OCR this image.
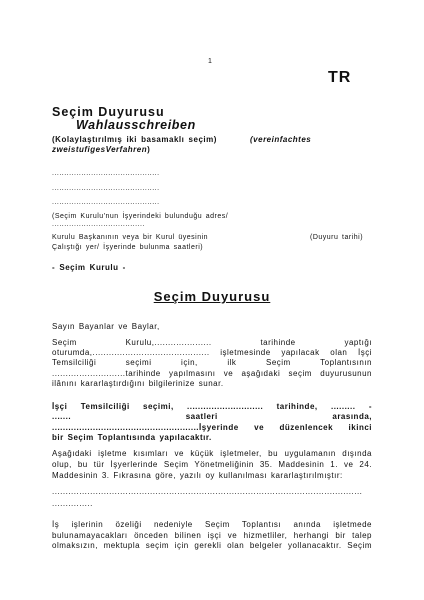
1
TR
Seçim Duyurusu
Wahlausschreiben
(Kolaylaştırılmış iki basamaklı seçim)	(vereinfachtes
zweistufigesVerfahren)
............................................
............................................
............................................
(Seçim Kurulu'nun İşyerindeki bulunduğu adres/
......................................
Kurulu Başkanının veya bir Kurul üyesinin	(Duyuru tarihi)
Çalıştığı yer/ İşyerinde bulunma saatleri)
- Seçim Kurulu -
Seçim Duyurusu
Sayın Bayanlar ve Baylar,
Seçim Kurulu,..................... tarihinde yaptığı
oturumda,........................................... işletmesinde yapılacak olan İşçi
Temsilciliği seçimi için, ilk Seçim Toplantısının
...........................tarihinde yapılmasını ve aşağıdaki seçim duyurusunun
ilânını kararlaştırdığını bilgilerinize sunar.
İşçi Temsilciliği seçimi, ............................ tarihinde, ......... -
....... saatleri arasında,
......................................................İşyerinde ve düzenlencek ikinci
bir Seçim Toplantısında yapılacaktır.
Aşağıdaki işletme kısımları ve küçük işletmeler, bu uygulamanın dışında
olup, bu tür İşyerlerinde Seçim Yönetmeliğinin 35. Maddesinin 1. ve 24.
Maddesinin 3. Fıkrasına göre, yazılı oy kullanılması kararlaştırılmıştır:
..................................................................................................................
...............
İş işlerinin özeliği nedeniyle Seçim Toplantısı anında işletmede
bulunamayacakları önceden bilinen işçi ve hizmetliler, herhangi bir talep
olmaksızın, mektupla seçim için gerekli olan belgeler yollanacaktır. Seçim
